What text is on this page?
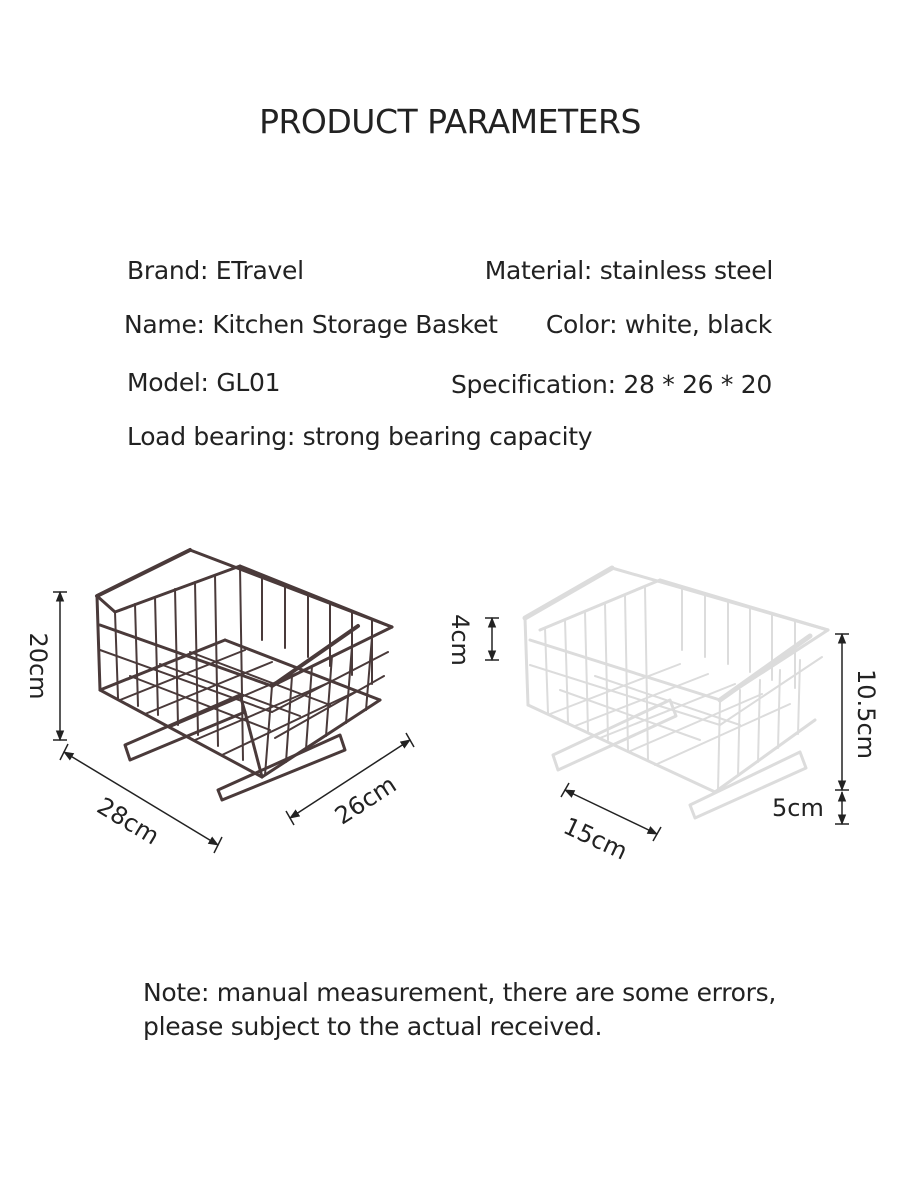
PRODUCT PARAMETERS
Brand: ETravel	Material: stainless steel
Name: Kitchen Storage Basket Color: white, black
Model: GL01	Specification: 28 * 26 * 20
Load bearing: strong bearing capacity
20cm
28cm	26cm
4cm
10.5cm
5cm
15cm
Note: manual measurement, there are some errors,
please subject to the actual received.
